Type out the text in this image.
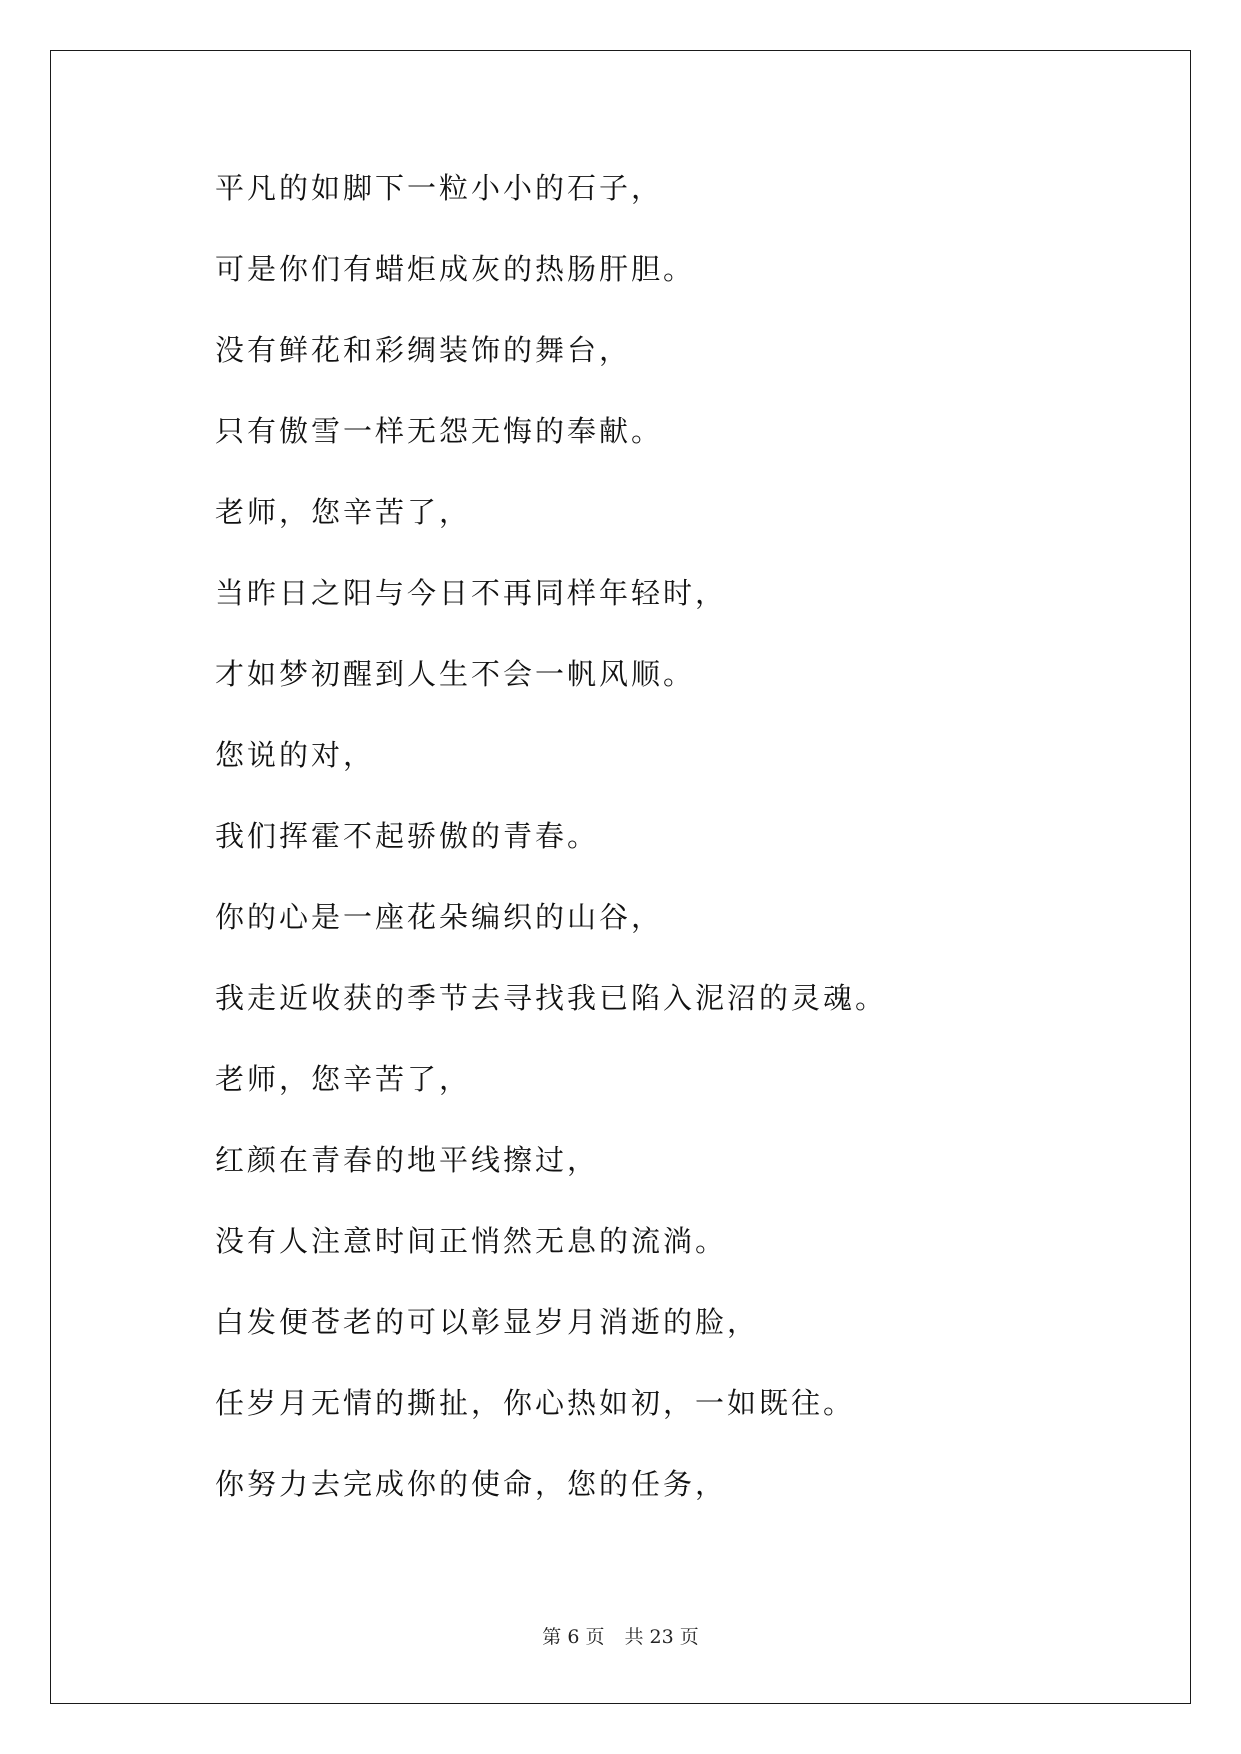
平凡的如脚下一粒小小的石子，
可是你们有蜡炬成灰的热肠肝胆。
没有鲜花和彩绸装饰的舞台，
只有傲雪一样无怨无悔的奉献。
老师，您辛苦了，
当昨日之阳与今日不再同样年轻时，
才如梦初醒到人生不会一帆风顺。
您说的对，
我们挥霍不起骄傲的青春。
你的心是一座花朵编织的山谷，
我走近收获的季节去寻找我已陷入泥沼的灵魂。
老师，您辛苦了，
红颜在青春的地平线擦过，
没有人注意时间正悄然无息的流淌。
白发便苍老的可以彰显岁月消逝的脸，
任岁月无情的撕扯，你心热如初，一如既往。
你努力去完成你的使命，您的任务，
第 6 页 共 23 页
